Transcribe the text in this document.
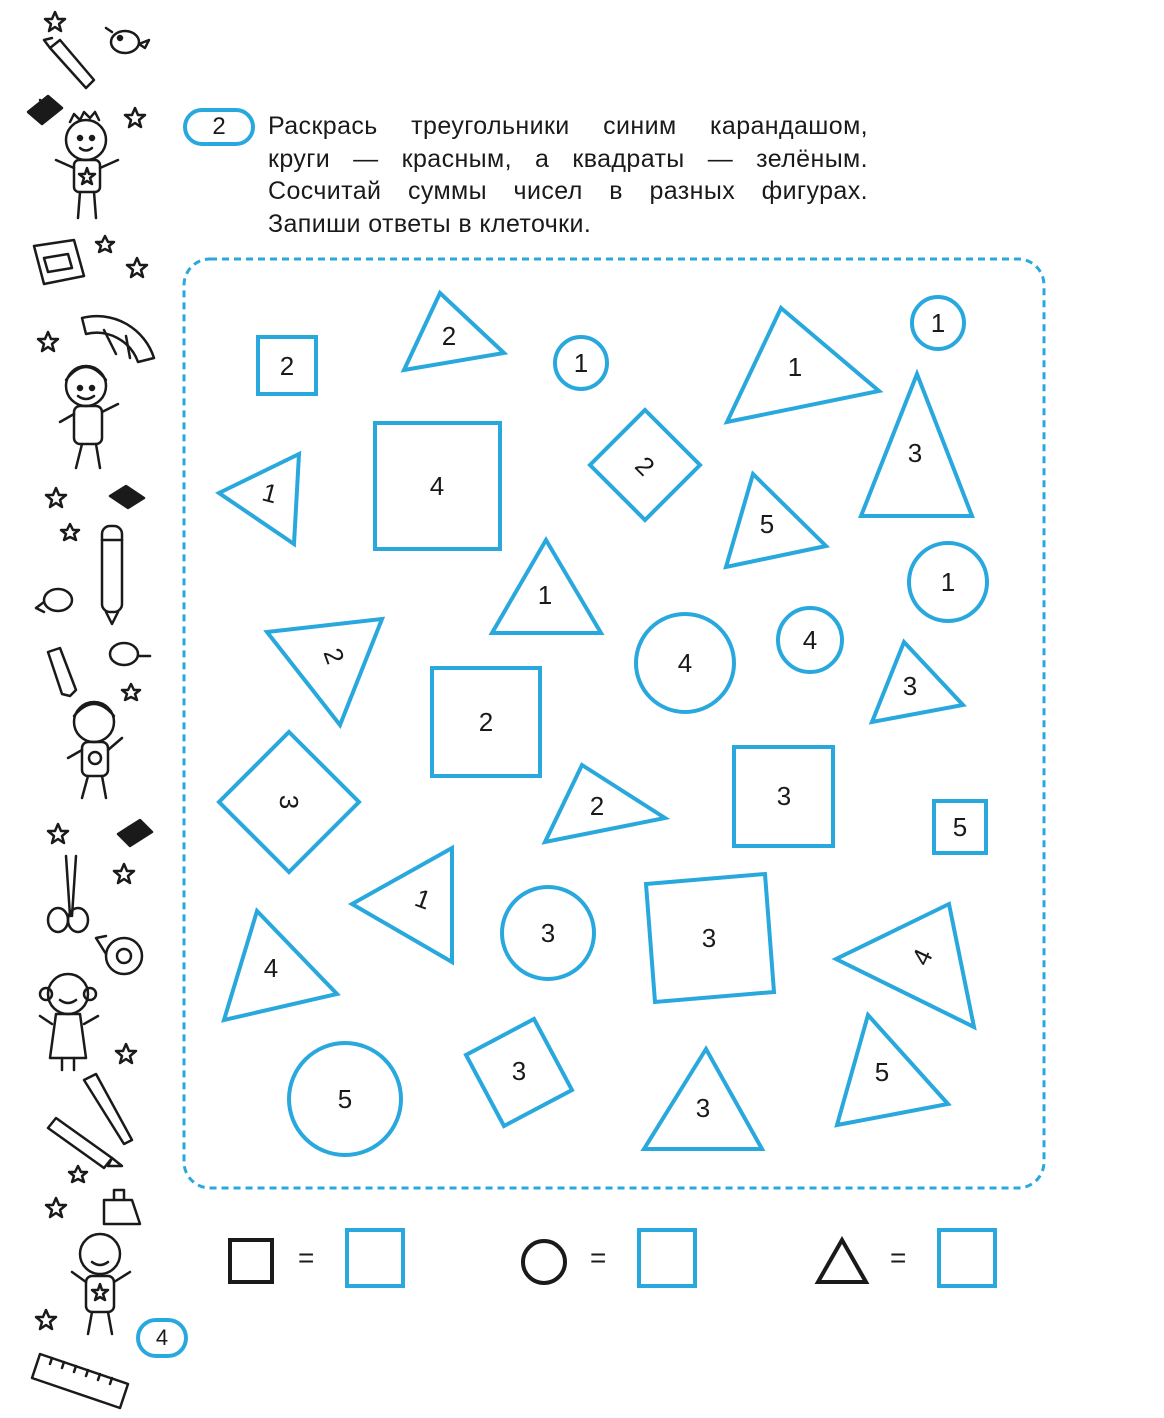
2	Раскрась треугольники синим карандашом,
круги — красным, а квадраты — зелёным.
Сосчитай суммы чисел в разных фигурах.
Запиши ответы в клеточки.
2
2
1	1
1
1	4
2
5
3
1	1
2	4
4
3
2
3	2	3
5
1
3	3
4
4
5
3
3
5
=	=	=
4
